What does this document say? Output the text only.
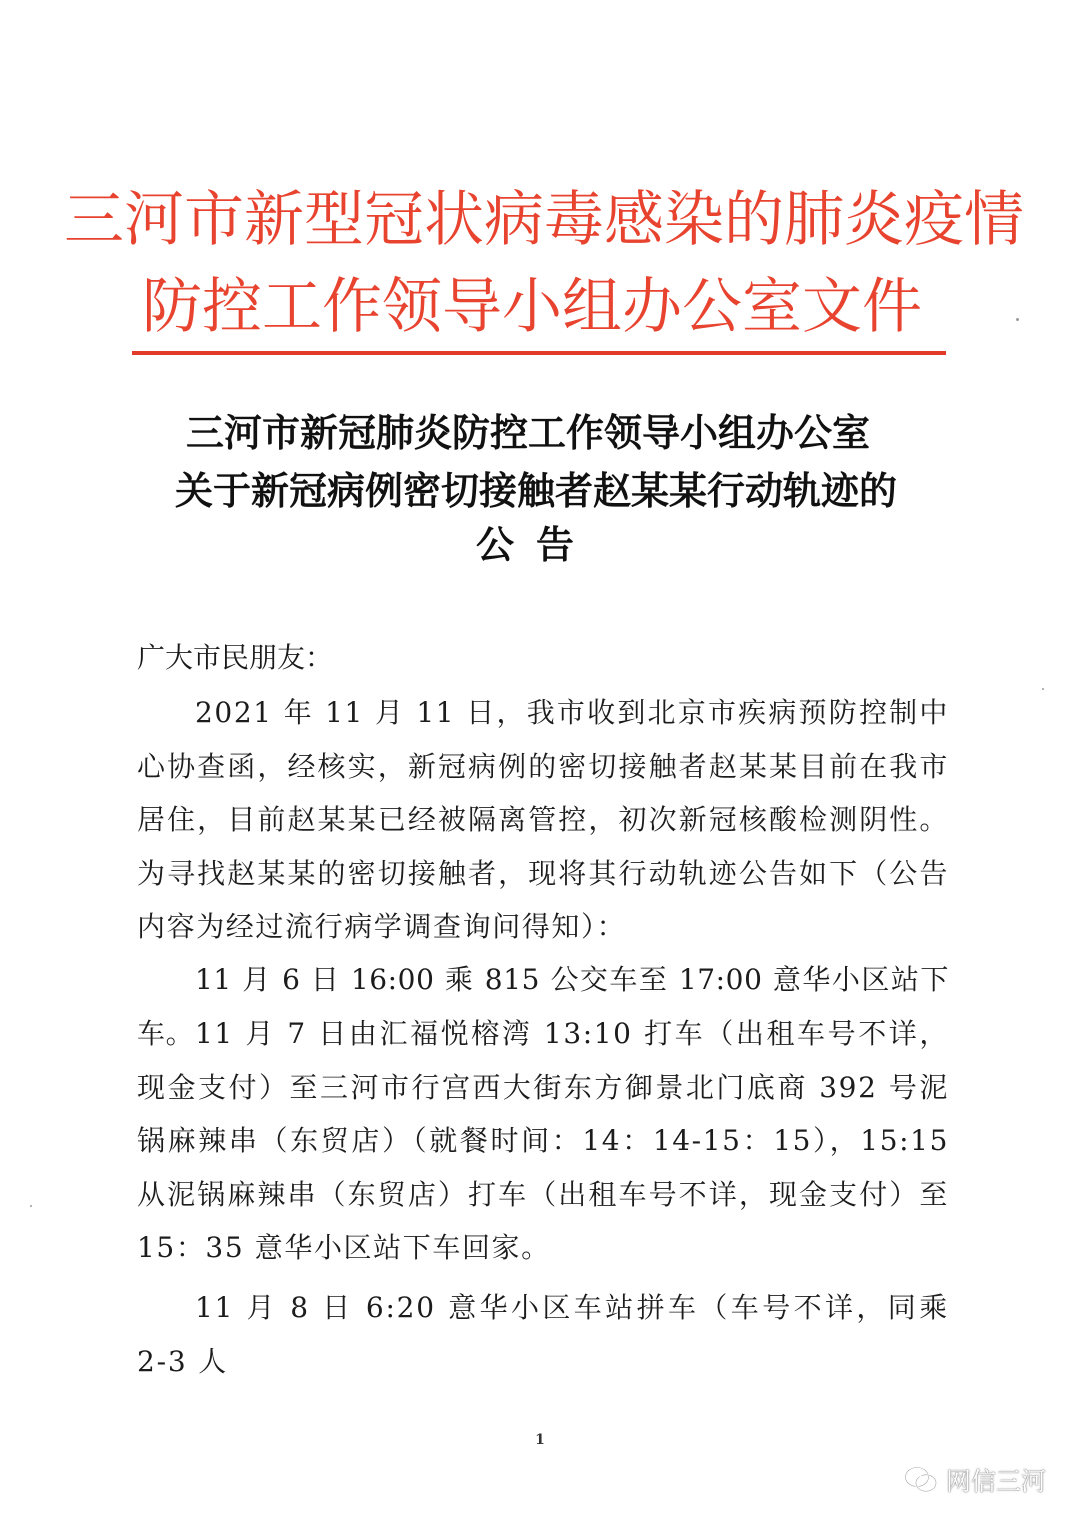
三河市新型冠状病毒感染的肺炎疫情
防控工作领导小组办公室文件
三河市新冠肺炎防控工作领导小组办公室
关于新冠病例密切接触者赵某某行动轨迹的
公告
广大市民朋友：

2021 年 11 月 11 日，我市收到北京市疾病预防控制中心协查函，经核实，新冠病例的密切接触者赵某某目前在我市居住，目前赵某某已经被隔离管控，初次新冠核酸检测阴性。为寻找赵某某的密切接触者，现将其行动轨迹公告如下（公告内容为经过流行病学调查询问得知）：

11 月 6 日 16:00 乘 815 公交车至 17:00 意华小区站下车。 11 月 7 日由汇福悦榕湾 13:10 打车（出租车号不详，现金支付）至三河市行宫西大街东方御景北门底商 392 号泥锅麻辣串（东贸店）（就餐时间：14：14-15：15），15:15 从泥锅麻辣串（东贸店）打车（出租车号不详，现金支付）至 15：35 意华小区站下车回家。

11 月 8 日 6:20 意华小区车站拼车（车号不详，同乘 2-3 人

1
网信三河
